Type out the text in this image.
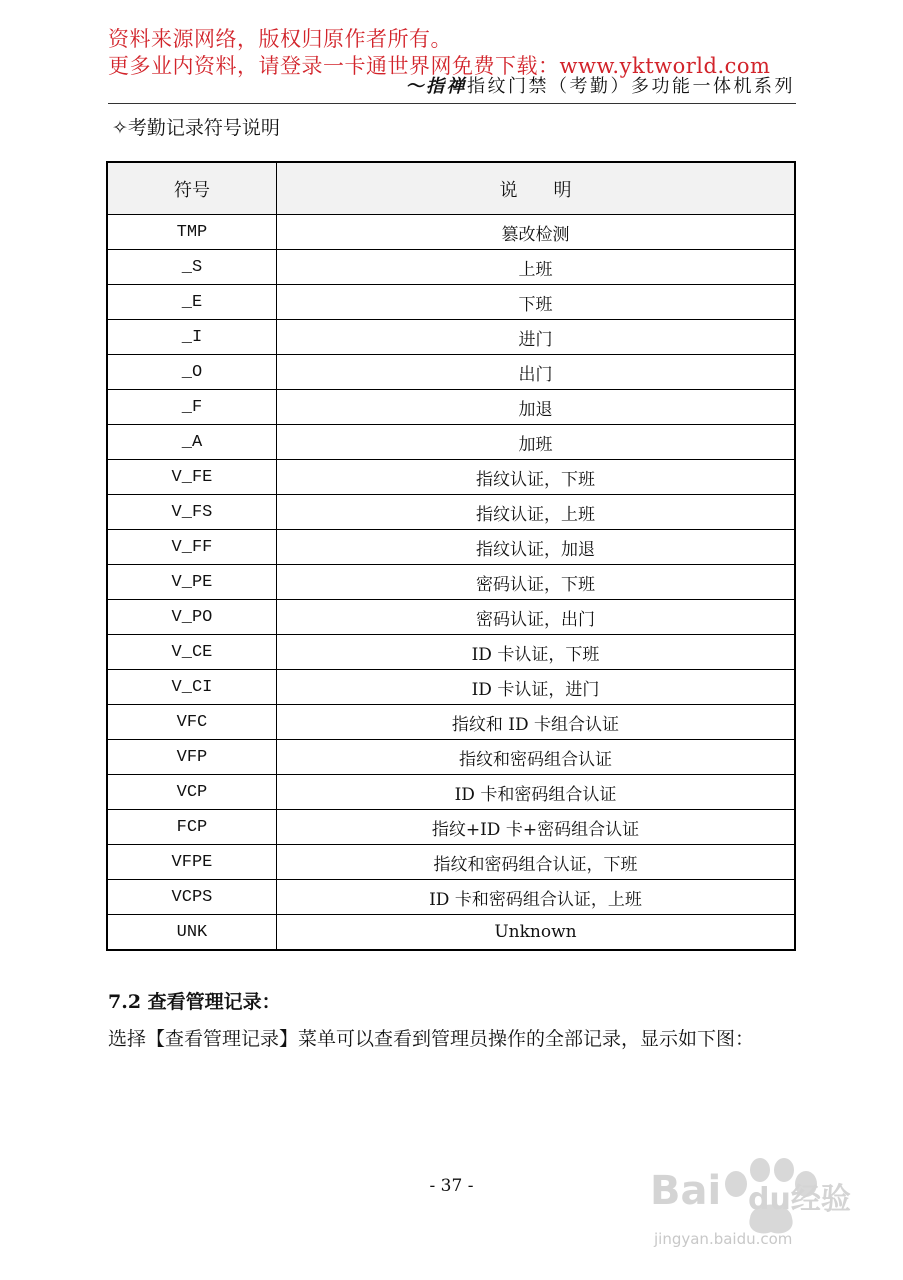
资料来源网络，版权归原作者所有。
更多业内资料，请登录一卡通世界网免费下载：www.yktworld.com
〜指禅指纹门禁（考勤）多功能一体机系列
✧考勤记录符号说明
符号	说　　明
TMP	篡改检测
_S	上班
_E	下班
_I	进门
_O	出门
_F	加退
_A	加班
V_FE	指纹认证，下班
V_FS	指纹认证，上班
V_FF	指纹认证，加退
V_PE	密码认证，下班
V_PO	密码认证，出门
V_CE	ID 卡认证，下班
V_CI	ID 卡认证，进门
VFC	指纹和 ID 卡组合认证
VFP	指纹和密码组合认证
VCP	ID 卡和密码组合认证
FCP	指纹+ID 卡+密码组合认证
VFPE	指纹和密码组合认证，下班
VCPS	ID 卡和密码组合认证，上班
UNK	Unknown
7.2 查看管理记录：
选择【查看管理记录】菜单可以查看到管理员操作的全部记录，显示如下图：
- 37 -	Bai du经验
jingyan.baidu.com
